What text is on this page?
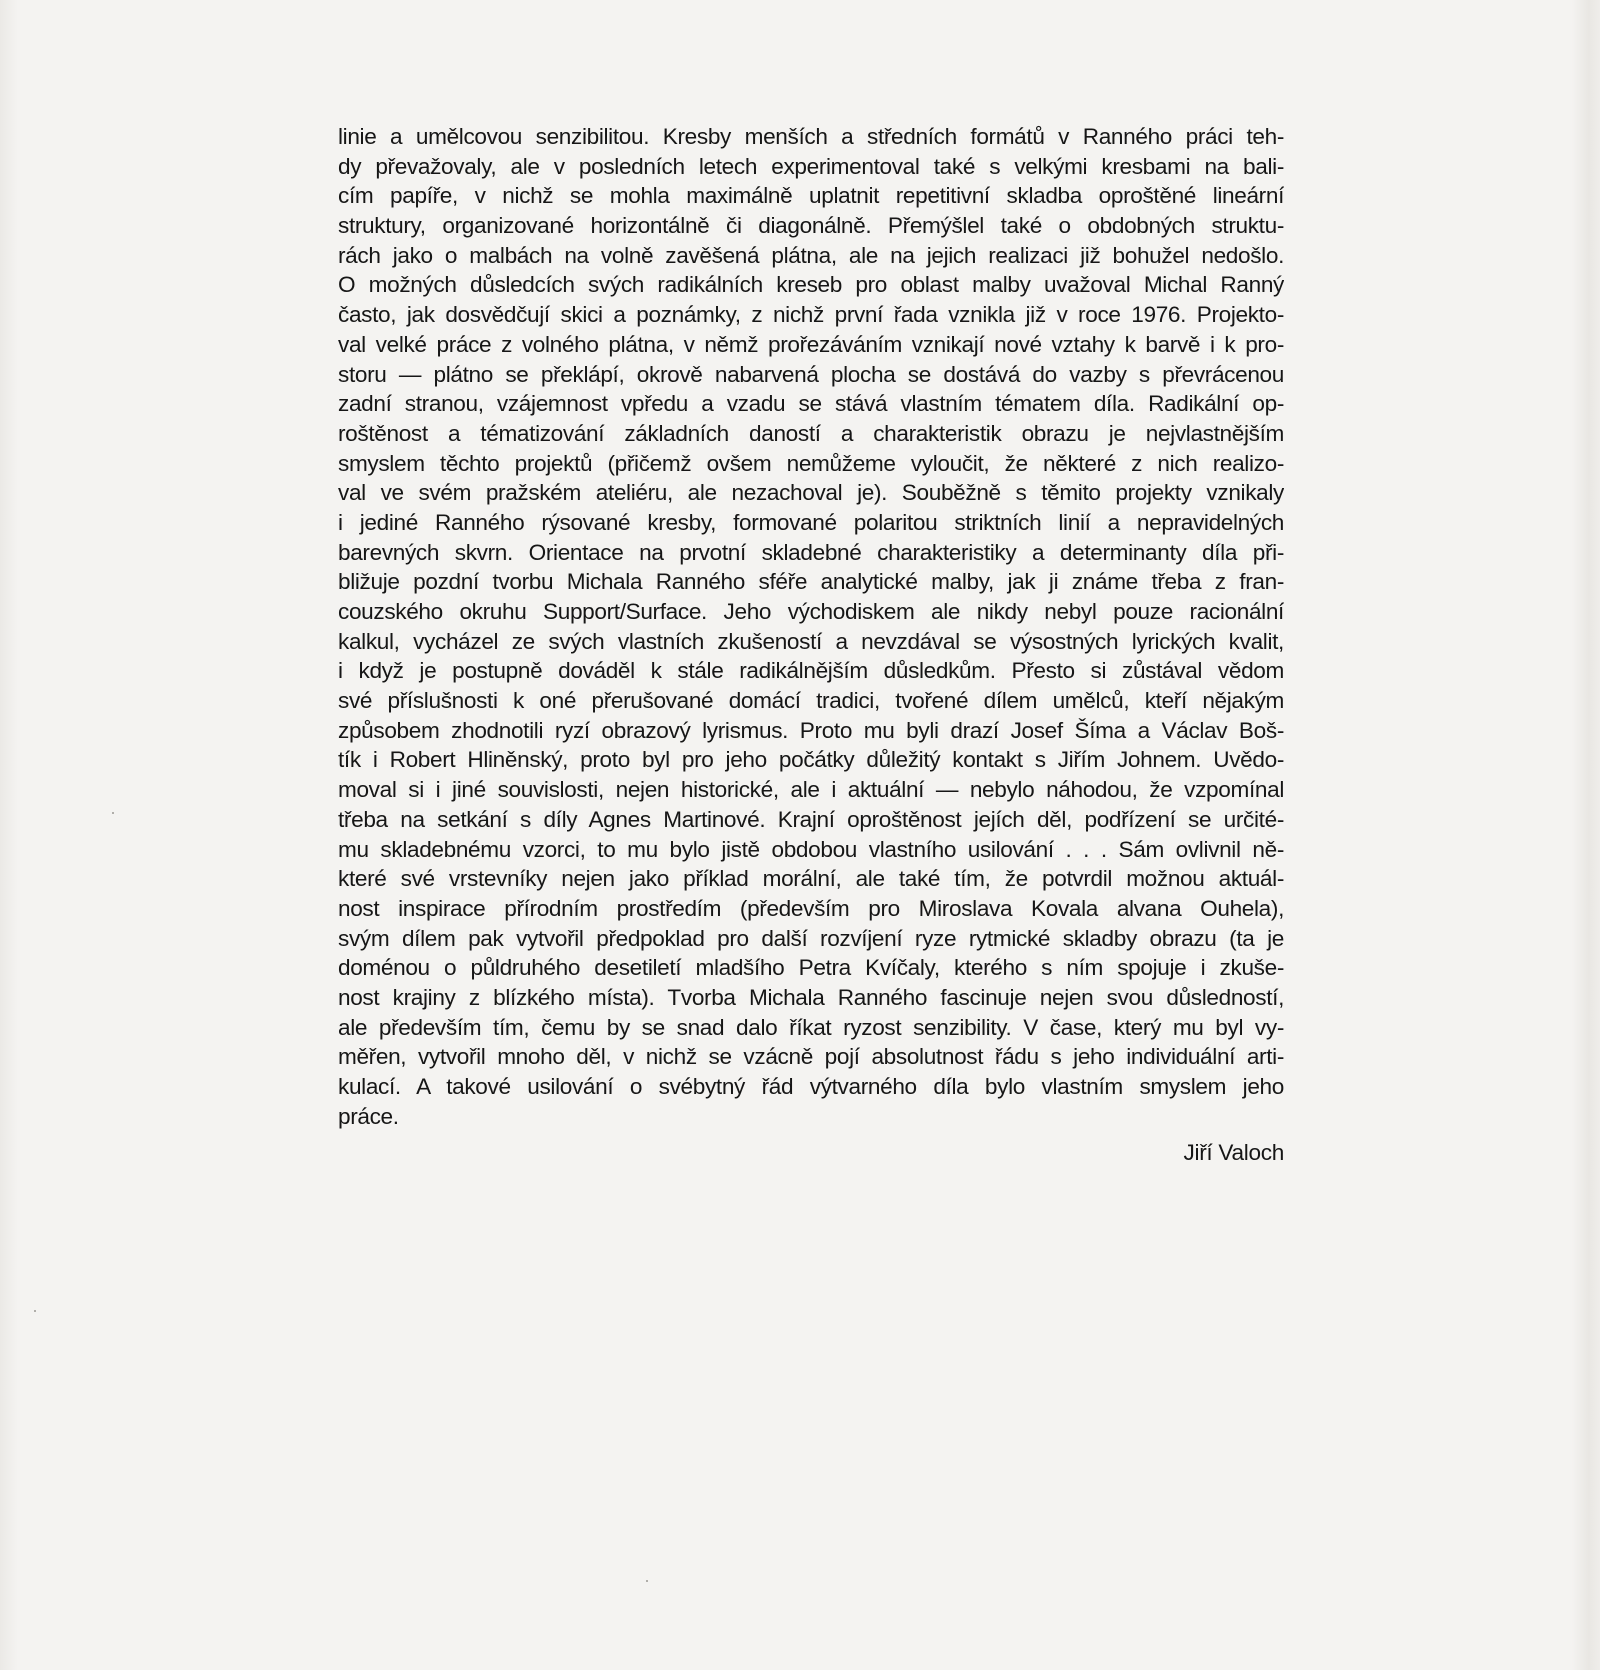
linie a umělcovou senzibilitou. Kresby menších a středních formátů v Ranného práci teh-
dy převažovaly, ale v posledních letech experimentoval také s velkými kresbami na bali-
cím papíře, v nichž se mohla maximálně uplatnit repetitivní skladba oproštěné lineární
struktury, organizované horizontálně či diagonálně. Přemýšlel také o obdobných struktu-
rách jako o malbách na volně zavěšená plátna, ale na jejich realizaci již bohužel nedošlo.
O možných důsledcích svých radikálních kreseb pro oblast malby uvažoval Michal Ranný
často, jak dosvědčují skici a poznámky, z nichž první řada vznikla již v roce 1976. Projekto-
val velké práce z volného plátna, v němž prořezáváním vznikají nové vztahy k barvě i k pro-
storu — plátno se překlápí, okrově nabarvená plocha se dostává do vazby s převrácenou
zadní stranou, vzájemnost vpředu a vzadu se stává vlastním tématem díla. Radikální op-
roštěnost a tématizování základních daností a charakteristik obrazu je nejvlastnějším
smyslem těchto projektů (přičemž ovšem nemůžeme vyloučit, že některé z nich realizo-
val ve svém pražském ateliéru, ale nezachoval je). Souběžně s těmito projekty vznikaly
i jediné Ranného rýsované kresby, formované polaritou striktních linií a nepravidelných
barevných skvrn. Orientace na prvotní skladebné charakteristiky a determinanty díla při-
bližuje pozdní tvorbu Michala Ranného sféře analytické malby, jak ji známe třeba z fran-
couzského okruhu Support/Surface. Jeho východiskem ale nikdy nebyl pouze racionální
kalkul, vycházel ze svých vlastních zkušeností a nevzdával se výsostných lyrických kvalit,
i když je postupně dováděl k stále radikálnějším důsledkům. Přesto si zůstával vědom
své příslušnosti k oné přerušované domácí tradici, tvořené dílem umělců, kteří nějakým
způsobem zhodnotili ryzí obrazový lyrismus. Proto mu byli drazí Josef Šíma a Václav Boš-
tík i Robert Hliněnský, proto byl pro jeho počátky důležitý kontakt s Jiřím Johnem. Uvědo-
moval si i jiné souvislosti, nejen historické, ale i aktuální — nebylo náhodou, že vzpomínal
třeba na setkání s díly Agnes Martinové. Krajní oproštěnost jejích děl, podřízení se určité-
mu skladebnému vzorci, to mu bylo jistě obdobou vlastního usilování . . . Sám ovlivnil ně-
které své vrstevníky nejen jako příklad morální, ale také tím, že potvrdil možnou aktuál-
nost inspirace přírodním prostředím (především pro Miroslava Kovala alvana Ouhela),
svým dílem pak vytvořil předpoklad pro další rozvíjení ryze rytmické skladby obrazu (ta je
doménou o půldruhého desetiletí mladšího Petra Kvíčaly, kterého s ním spojuje i zkuše-
nost krajiny z blízkého místa). Tvorba Michala Ranného fascinuje nejen svou důsledností,
ale především tím, čemu by se snad dalo říkat ryzost senzibility. V čase, který mu byl vy-
měřen, vytvořil mnoho děl, v nichž se vzácně pojí absolutnost řádu s jeho individuální arti-
kulací. A takové usilování o svébytný řád výtvarného díla bylo vlastním smyslem jeho
práce.
Jiří Valoch
